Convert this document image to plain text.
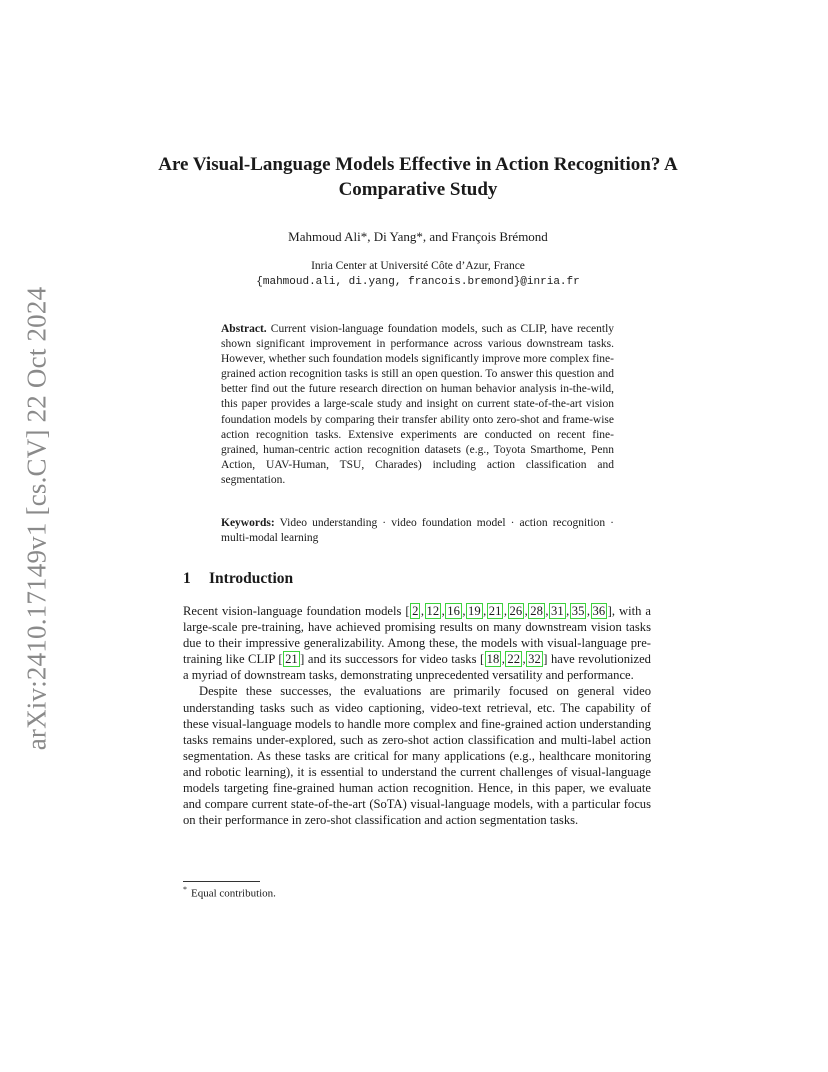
arXiv:2410.17149v1 [cs.CV] 22 Oct 2024
Are Visual-Language Models Effective in Action Recognition? A Comparative Study
Mahmoud Ali*, Di Yang*, and François Brémond
Inria Center at Université Côte d’Azur, France
{mahmoud.ali, di.yang, francois.bremond}@inria.fr
Abstract. Current vision-language foundation models, such as CLIP, have recently shown significant improvement in performance across various downstream tasks. However, whether such foundation models significantly improve more complex fine-grained action recognition tasks is still an open question. To answer this question and better find out the future research direction on human behavior analysis in-the-wild, this paper provides a large-scale study and insight on current state-of-the-art vision foundation models by comparing their transfer ability onto zero-shot and frame-wise action recognition tasks. Extensive experiments are conducted on recent fine-grained, human-centric action recognition datasets (e.g., Toyota Smarthome, Penn Action, UAV-Human, TSU, Charades) including action classification and segmentation.
Keywords: Video understanding · video foundation model · action recognition · multi-modal learning
1 Introduction

Recent vision-language foundation models [ 2 , 12 , 16 , 19 , 21 , 26 , 28 , 31 , 35 , 36 ], with a large-scale pre-training, have achieved promising results on many downstream vision tasks due to their impressive generalizability. Among these, the models with visual-language pre-training like CLIP [ 21 ] and its successors for video tasks [ 18 , 22 , 32 ] have revolutionized a myriad of downstream tasks, demonstrating unprecedented versatility and performance.

Despite these successes, the evaluations are primarily focused on general video understanding tasks such as video captioning, video-text retrieval, etc. The capability of these visual-language models to handle more complex and fine-grained action understanding tasks remains under-explored, such as zero-shot action classification and multi-label action segmentation. As these tasks are critical for many applications (e.g., healthcare monitoring and robotic learning), it is essential to understand the current challenges of visual-language models targeting fine-grained human action recognition. Hence, in this paper, we evaluate and compare current state-of-the-art (SoTA) visual-language models, with a particular focus on their performance in zero-shot classification and action segmentation tasks.

* Equal contribution.
